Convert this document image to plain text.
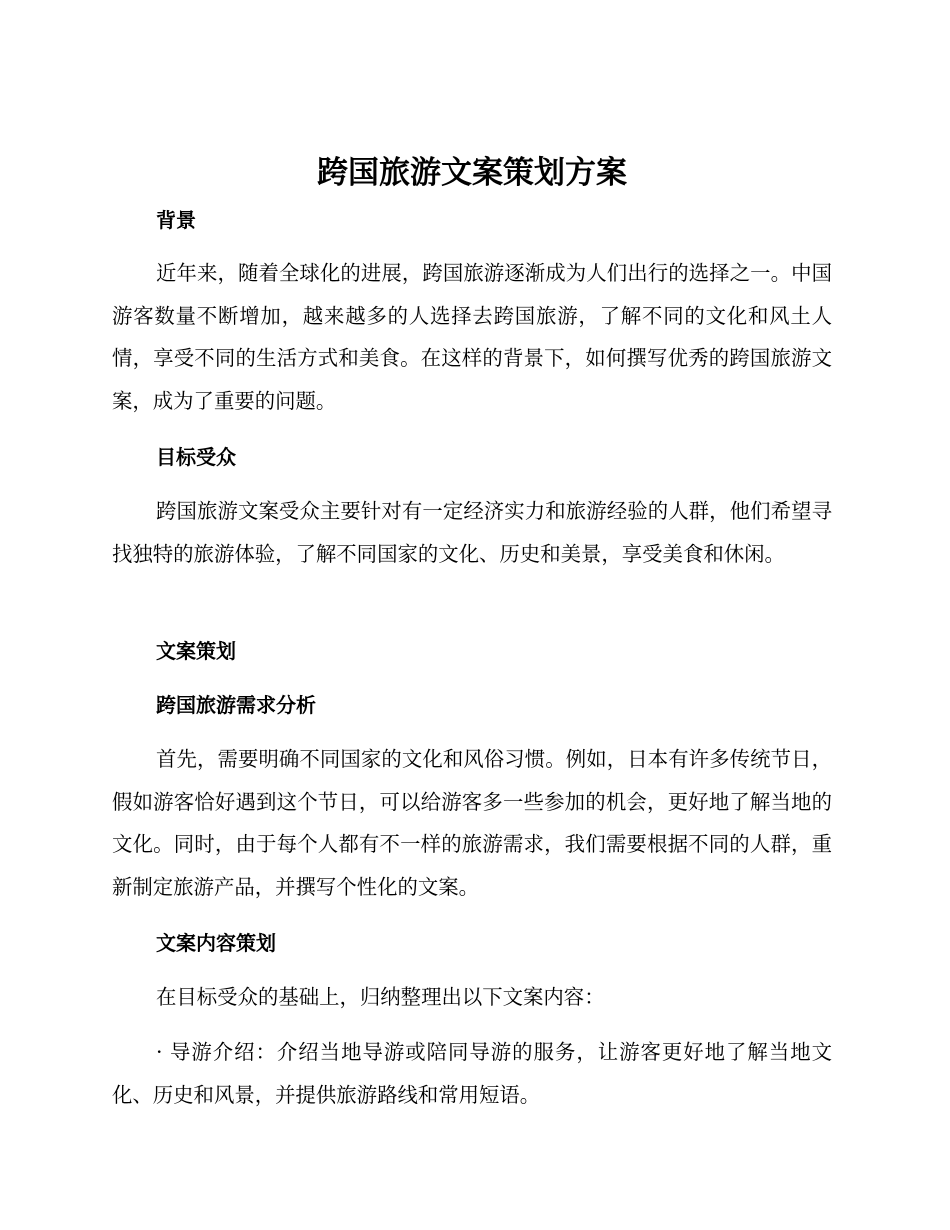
跨国旅游文案策划方案
背景

近年来，随着全球化的进展，跨国旅游逐渐成为人们出行的选择之一。中国游客数量不断增加，越来越多的人选择去跨国旅游，了解不同的文化和风土人情，享受不同的生活方式和美食。在这样的背景下，如何撰写优秀的跨国旅游文案，成为了重要的问题。

目标受众

跨国旅游文案受众主要针对有一定经济实力和旅游经验的人群，他们希望寻找独特的旅游体验，了解不同国家的文化、历史和美景，享受美食和休闲。

文案策划
跨国旅游需求分析

首先，需要明确不同国家的文化和风俗习惯。例如，日本有许多传统节日，假如游客恰好遇到这个节日，可以给游客多一些参加的机会，更好地了解当地的文化。同时，由于每个人都有不一样的旅游需求，我们需要根据不同的人群，重新制定旅游产品，并撰写个性化的文案。

文案内容策划

在目标受众的基础上，归纳整理出以下文案内容：

· 导游介绍：介绍当地导游或陪同导游的服务，让游客更好地了解当地文化、历史和风景，并提供旅游路线和常用短语。
